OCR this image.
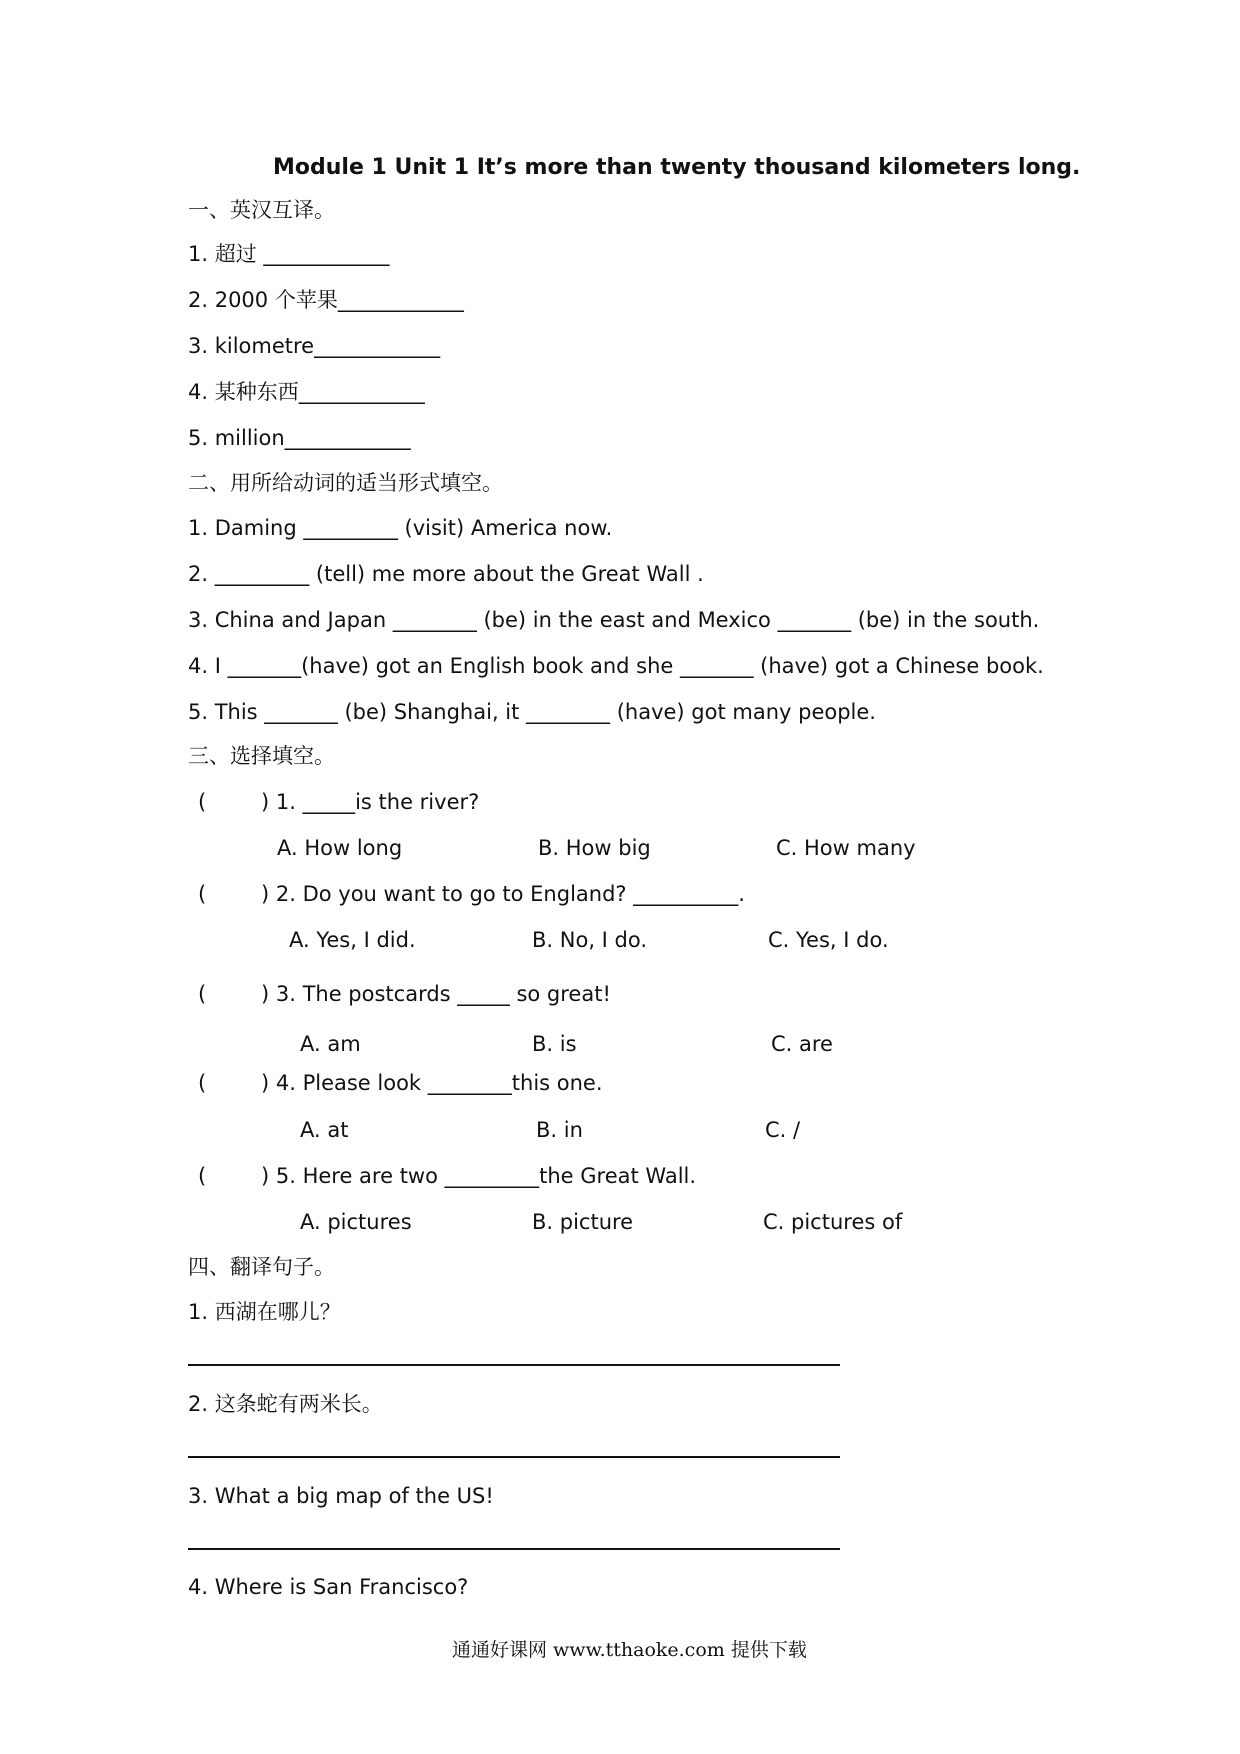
Module 1 Unit 1 It’s more than twenty thousand kilometers long.
一、英汉互译。
1. 超过 ____________
2. 2000 个苹果____________
3. kilometre____________
4. 某种东西____________
5. million____________
二、用所给动词的适当形式填空。
1. Daming _________ (visit) America now.
2. _________ (tell) me more about the Great Wall .
3. China and Japan ________ (be) in the east and Mexico _______ (be) in the south.
4. I _______(have) got an English book and she _______ (have) got a Chinese book.
5. This _______ (be) Shanghai, it ________ (have) got many people.
三、选择填空。
(	) 1. _____is the river?
A. How long	B. How big	C. How many
(	) 2. Do you want to go to England? __________.
A. Yes, I did.	B. No, I do.	C. Yes, I do.
(	) 3. The postcards _____ so great!
A. am	B. is	C. are
(	) 4. Please look ________this one.
A. at	B. in	C. /
(	) 5. Here are two _________the Great Wall.
A. pictures	B. picture	C. pictures of
四、翻译句子。
1. 西湖在哪儿？
2. 这条蛇有两米长。
3. What a big map of the US!
4. Where is San Francisco?
通通好课网 www.tthaoke.com 提供下载
